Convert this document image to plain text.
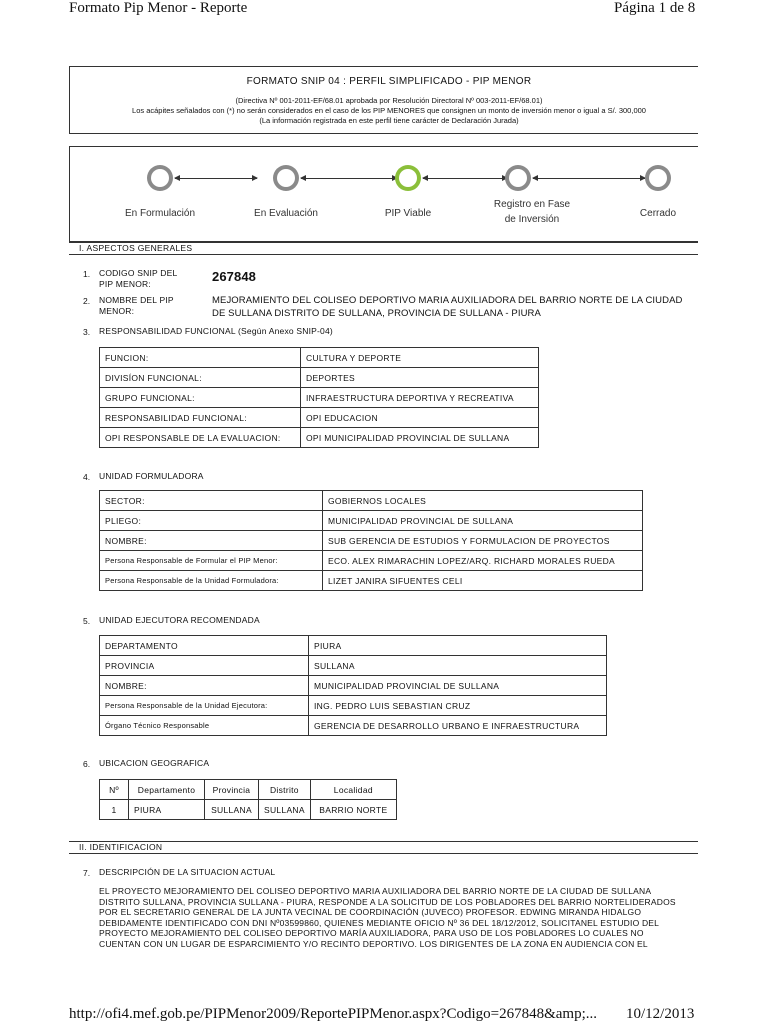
Formato Pip Menor - Reporte	Página 1 de 8
FORMATO SNIP 04 : PERFIL SIMPLIFICADO - PIP MENOR
(Directiva Nº 001-2011-EF/68.01 aprobada por Resolución Directoral Nº 003-2011-EF/68.01)
Los acápites señalados con (*) no serán considerados en el caso de los PIP MENORES que consignen un monto de inversión menor o igual a S/. 300,000
(La información registrada en este perfil tiene carácter de Declaración Jurada)
En Formulación	En Evaluación	PIP Viable
Registro en Fase
de Inversión
Cerrado
I. ASPECTOS GENERALES
1. CODIGO SNIP DEL
PIP MENOR:	267848
2. NOMBRE DEL PIP
MENOR:
MEJORAMIENTO DEL COLISEO DEPORTIVO MARIA AUXILIADORA DEL BARRIO NORTE DE LA CIUDAD
DE SULLANA DISTRITO DE SULLANA, PROVINCIA DE SULLANA - PIURA
3. RESPONSABILIDAD FUNCIONAL (Según Anexo SNIP-04)
FUNCION:	CULTURA Y DEPORTE
DIVISÍON FUNCIONAL:	DEPORTES
GRUPO FUNCIONAL:	INFRAESTRUCTURA DEPORTIVA Y RECREATIVA
RESPONSABILIDAD FUNCIONAL:	OPI EDUCACION
OPI RESPONSABLE DE LA EVALUACION:	OPI MUNICIPALIDAD PROVINCIAL DE SULLANA
4. UNIDAD FORMULADORA
SECTOR:	GOBIERNOS LOCALES
PLIEGO:	MUNICIPALIDAD PROVINCIAL DE SULLANA
NOMBRE:	SUB GERENCIA DE ESTUDIOS Y FORMULACION DE PROYECTOS
Persona Responsable de Formular el PIP Menor:	ECO. ALEX RIMARACHIN LOPEZ/ARQ. RICHARD MORALES RUEDA
Persona Responsable de la Unidad Formuladora:	LIZET JANIRA SIFUENTES CELI
5. UNIDAD EJECUTORA RECOMENDADA
DEPARTAMENTO	PIURA
PROVINCIA	SULLANA
NOMBRE:	MUNICIPALIDAD PROVINCIAL DE SULLANA
Persona Responsable de la Unidad Ejecutora:	ING. PEDRO LUIS SEBASTIAN CRUZ
Órgano Técnico Responsable	GERENCIA DE DESARROLLO URBANO E INFRAESTRUCTURA
6. UBICACION GEOGRAFICA
Nº	Departamento	Provincia	Distrito	Localidad
1	PIURA	SULLANA	SULLANA	BARRIO NORTE
II. IDENTIFICACION
7. DESCRIPCIÓN DE LA SITUACION ACTUAL
EL PROYECTO MEJORAMIENTO DEL COLISEO DEPORTIVO MARIA AUXILIADORA DEL BARRIO NORTE DE LA CIUDAD DE SULLANA
DISTRITO SULLANA, PROVINCIA SULLANA - PIURA, RESPONDE A LA SOLICITUD DE LOS POBLADORES DEL BARRIO NORTELIDERADOS
POR EL SECRETARIO GENERAL DE LA JUNTA VECINAL DE COORDINACIÓN (JUVECO) PROFESOR. EDWING MIRANDA HIDALGO
DEBIDAMENTE IDENTIFICADO CON DNI Nº03599860, QUIENES MEDIANTE OFICIO Nº 36 DEL 18/12/2012, SOLICITANEL ESTUDIO DEL
PROYECTO MEJORAMIENTO DEL COLISEO DEPORTIVO MARÍA AUXILIADORA, PARA USO DE LOS POBLADORES LO CUALES NO
CUENTAN CON UN LUGAR DE ESPARCIMIENTO Y/O RECINTO DEPORTIVO. LOS DIRIGENTES DE LA ZONA EN AUDIENCIA CON EL
http://ofi4.mef.gob.pe/PIPMenor2009/ReportePIPMenor.aspx?Codigo=267848&amp;... 10/12/2013
